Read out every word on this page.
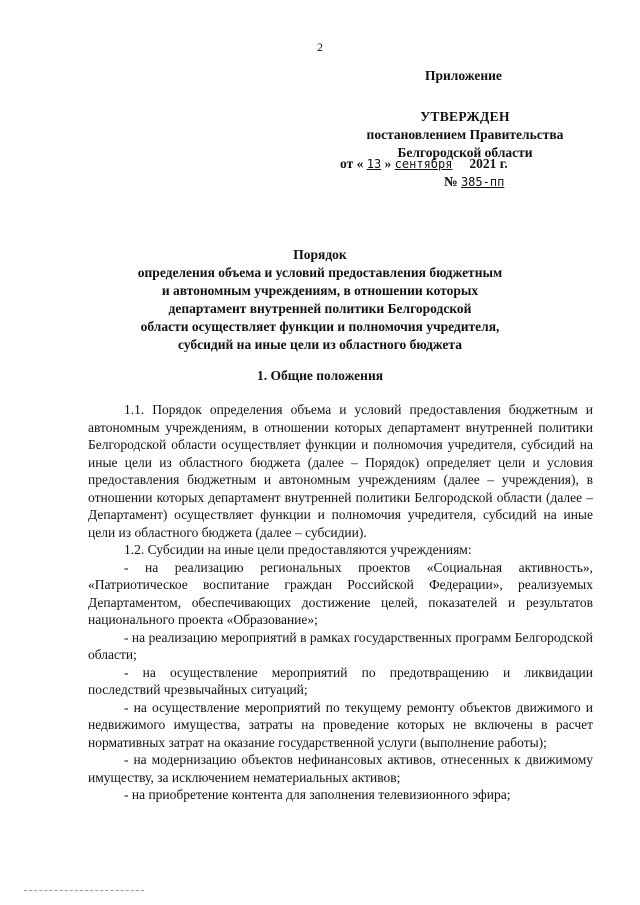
2
Приложение
УТВЕРЖДЕН
постановлением Правительства
Белгородской области
от « 13 » сентября 2021 г.
№ 385-пп
Порядок
определения объема и условий предоставления бюджетным
и автономным учреждениям, в отношении которых
департамент внутренней политики Белгородской
области осуществляет функции и полномочия учредителя,
субсидий на иные цели из областного бюджета
1. Общие положения

1.1. Порядок определения объема и условий предоставления бюджетным и автономным учреждениям, в отношении которых департамент внутренней политики Белгородской области осуществляет функции и полномочия учредителя, субсидий на иные цели из областного бюджета (далее – Порядок) определяет цели и условия предоставления бюджетным и автономным учреждениям (далее – учреждения), в отношении которых департамент внутренней политики Белгородской области (далее – Департамент) осуществляет функции и полномочия учредителя, субсидий на иные цели из областного бюджета (далее – субсидии).

1.2. Субсидии на иные цели предоставляются учреждениям:

- на реализацию региональных проектов «Социальная активность», «Патриотическое воспитание граждан Российской Федерации», реализуемых Департаментом, обеспечивающих достижение целей, показателей и результатов национального проекта «Образование»;

- на реализацию мероприятий в рамках государственных программ Белгородской области;

- на осуществление мероприятий по предотвращению и ликвидации последствий чрезвычайных ситуаций;

- на осуществление мероприятий по текущему ремонту объектов движимого и недвижимого имущества, затраты на проведение которых не включены в расчет нормативных затрат на оказание государственной услуги (выполнение работы);

- на модернизацию объектов нефинансовых активов, отнесенных к движимому имуществу, за исключением нематериальных активов;

- на приобретение контента для заполнения телевизионного эфира;
